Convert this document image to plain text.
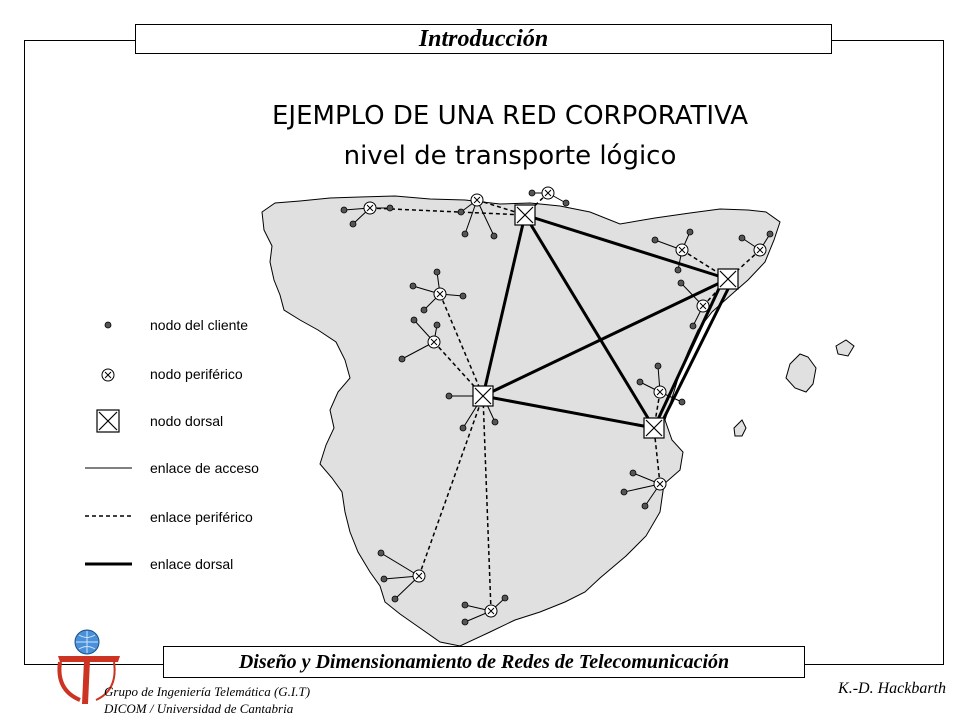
Introducción
EJEMPLO DE UNA RED CORPORATIVA
nivel de transporte lógico
nodo del cliente
nodo periférico
nodo dorsal
enlace de acceso
enlace periférico
enlace dorsal
Diseño y Dimensionamiento de Redes de Telecomunicación
Grupo de Ingeniería Telemática (G.I.T)
DICOM / Universidad de Cantabria
K.-D. Hackbarth
